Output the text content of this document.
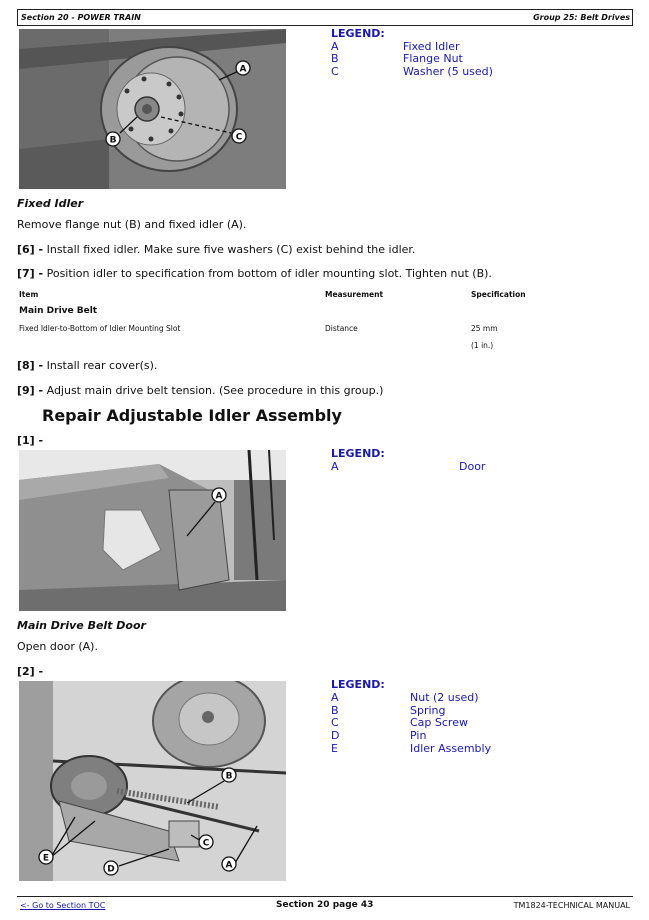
Section 20 - POWER TRAIN	Group 25: Belt Drives
A
B	C
LEGEND:
A	Fixed Idler
B	Flange Nut
C	Washer (5 used)
Fixed Idler
Remove flange nut (B) and fixed idler (A).
[6] - Install fixed idler. Make sure five washers (C) exist behind the idler.
[7] - Position idler to specification from bottom of idler mounting slot. Tighten nut (B).
Item	Measurement	Specification
Main Drive Belt
Fixed Idler-to-Bottom of Idler Mounting Slot	Distance	25 mm
(1 in.)
[8] - Install rear cover(s).
[9] - Adjust main drive belt tension. (See procedure in this group.)
Repair Adjustable Idler Assembly
[1] -
A
LEGEND:
A	Door
Main Drive Belt Door
Open door (A).
[2] -
B
C
D
E
A
LEGEND:
A	Nut (2 used)
B	Spring
C	Cap Screw
D	Pin
E	Idler Assembly
<- Go to Section TOC	Section 20 page 43	TM1824-TECHNICAL MANUAL
